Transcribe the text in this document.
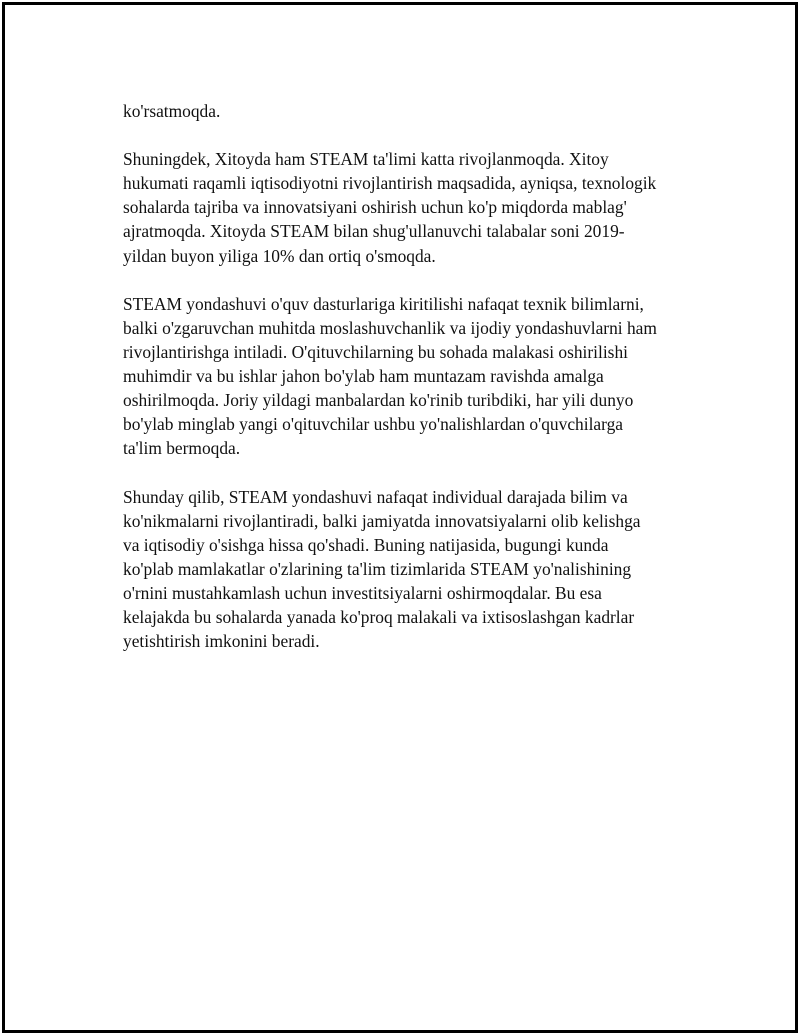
ko'rsatmoqda.

Shuningdek, Xitoyda ham STEAM ta'limi katta rivojlanmoqda. Xitoy
hukumati raqamli iqtisodiyotni rivojlantirish maqsadida, ayniqsa, texnologik
sohalarda tajriba va innovatsiyani oshirish uchun ko'p miqdorda mablag'
ajratmoqda. Xitoyda STEAM bilan shug'ullanuvchi talabalar soni 2019-
yildan buyon yiliga 10% dan ortiq o'smoqda.

STEAM yondashuvi o'quv dasturlariga kiritilishi nafaqat texnik bilimlarni,
balki o'zgaruvchan muhitda moslashuvchanlik va ijodiy yondashuvlarni ham
rivojlantirishga intiladi. O'qituvchilarning bu sohada malakasi oshirilishi
muhimdir va bu ishlar jahon bo'ylab ham muntazam ravishda amalga
oshirilmoqda. Joriy yildagi manbalardan ko'rinib turibdiki, har yili dunyo
bo'ylab minglab yangi o'qituvchilar ushbu yo'nalishlardan o'quvchilarga
ta'lim bermoqda.

Shunday qilib, STEAM yondashuvi nafaqat individual darajada bilim va
ko'nikmalarni rivojlantiradi, balki jamiyatda innovatsiyalarni olib kelishga
va iqtisodiy o'sishga hissa qo'shadi. Buning natijasida, bugungi kunda
ko'plab mamlakatlar o'zlarining ta'lim tizimlarida STEAM yo'nalishining
o'rnini mustahkamlash uchun investitsiyalarni oshirmoqdalar. Bu esa
kelajakda bu sohalarda yanada ko'proq malakali va ixtisoslashgan kadrlar
yetishtirish imkonini beradi.
